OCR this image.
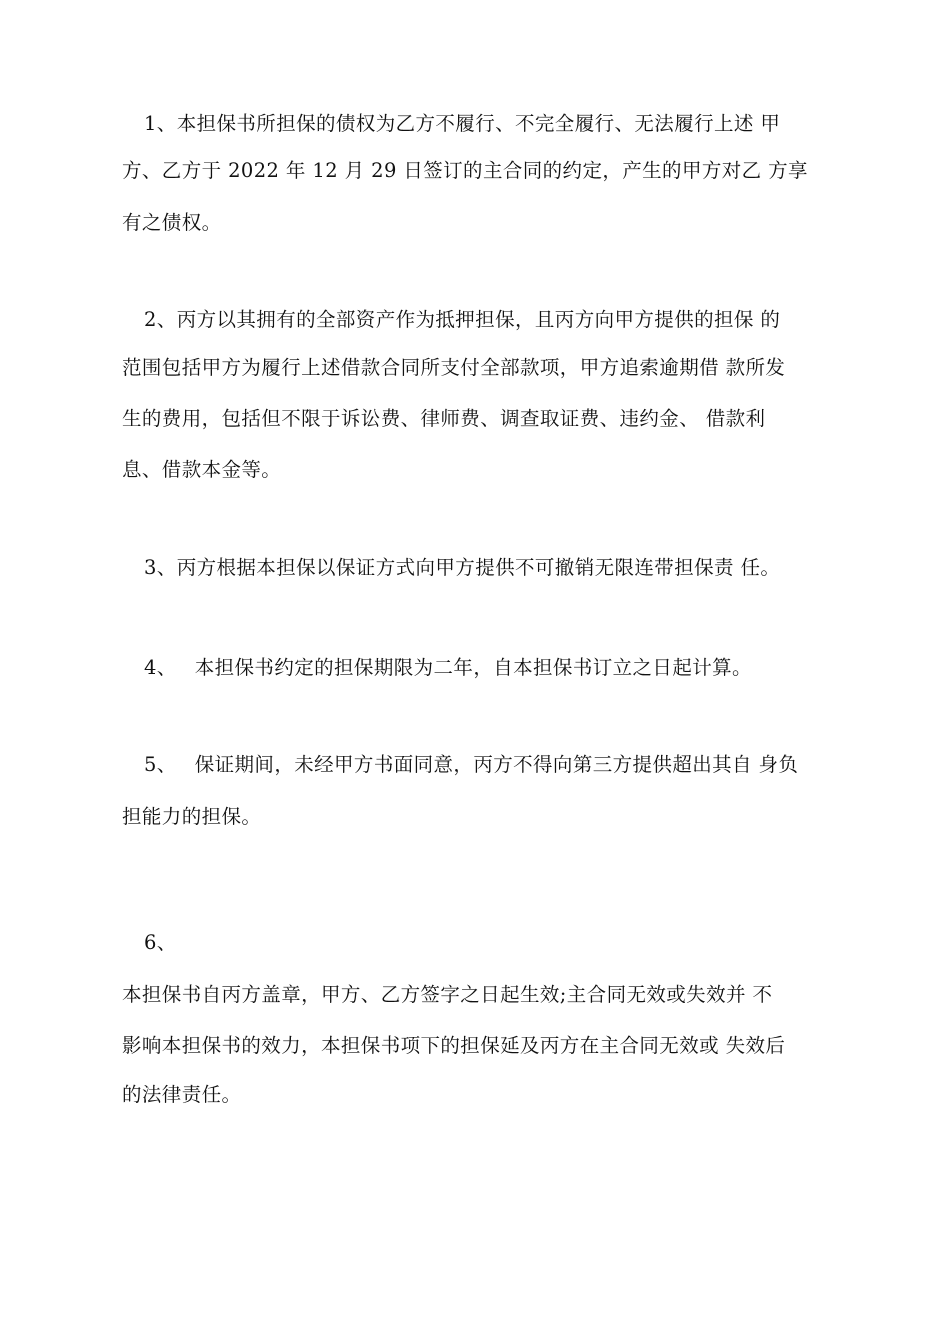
1、本担保书所担保的债权为乙方不履行、不完全履行、无法履行上述 甲
方、乙方于 2022 年 12 月 29 日签订的主合同的约定，产生的甲方对乙 方享
有之债权。
2、丙方以其拥有的全部资产作为抵押担保，且丙方向甲方提供的担保 的
范围包括甲方为履行上述借款合同所支付全部款项，甲方追索逾期借 款所发
生的费用，包括但不限于诉讼费、律师费、调查取证费、违约金、 借款利
息、借款本金等。
3、丙方根据本担保以保证方式向甲方提供不可撤销无限连带担保责 任。
4、 本担保书约定的担保期限为二年，自本担保书订立之日起计算。
5、 保证期间，未经甲方书面同意，丙方不得向第三方提供超出其自 身负
担能力的担保。
6、
本担保书自丙方盖章，甲方、乙方签字之日起生效;主合同无效或失效并 不
影响本担保书的效力，本担保书项下的担保延及丙方在主合同无效或 失效后
的法律责任。
